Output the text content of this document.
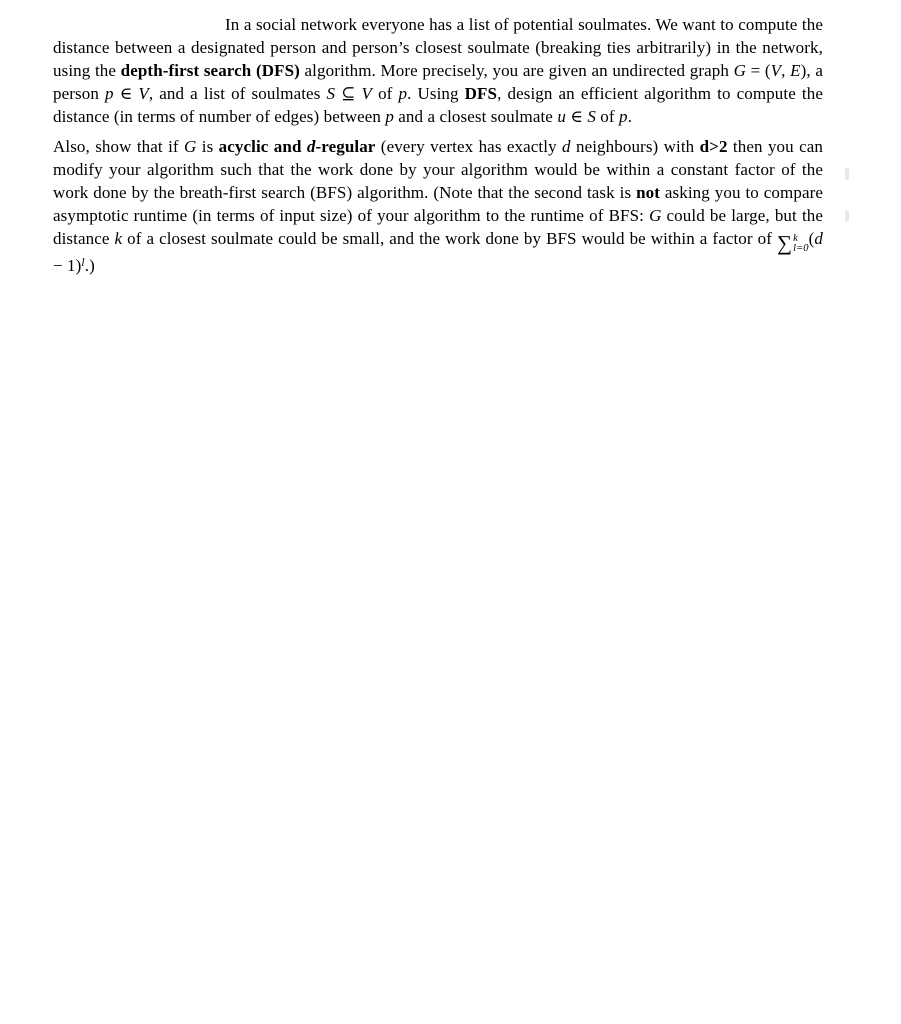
In a social network everyone has a list of potential soulmates. We want to compute the distance between a designated person and person’s closest soulmate (breaking ties arbitrarily) in the network, using the depth-first search (DFS) algorithm. More precisely, you are given an undirected graph G = (V, E), a person p ∈ V, and a list of soulmates S ⊆ V of p. Using DFS, design an efficient algorithm to compute the distance (in terms of number of edges) between p and a closest soulmate u ∈ S of p.

Also, show that if G is acyclic and d-regular (every vertex has exactly d neighbours) with d>2 then you can modify your algorithm such that the work done by your algorithm would be within a constant factor of the work done by the breath-first search (BFS) algorithm. (Note that the second task is not asking you to compare asymptotic runtime (in terms of input size) of your algorithm to the runtime of BFS: G could be large, but the distance k of a closest soulmate could be small, and the work done by BFS would be within a factor of ∑ k
l=0 $(d - 1)^l$.)
